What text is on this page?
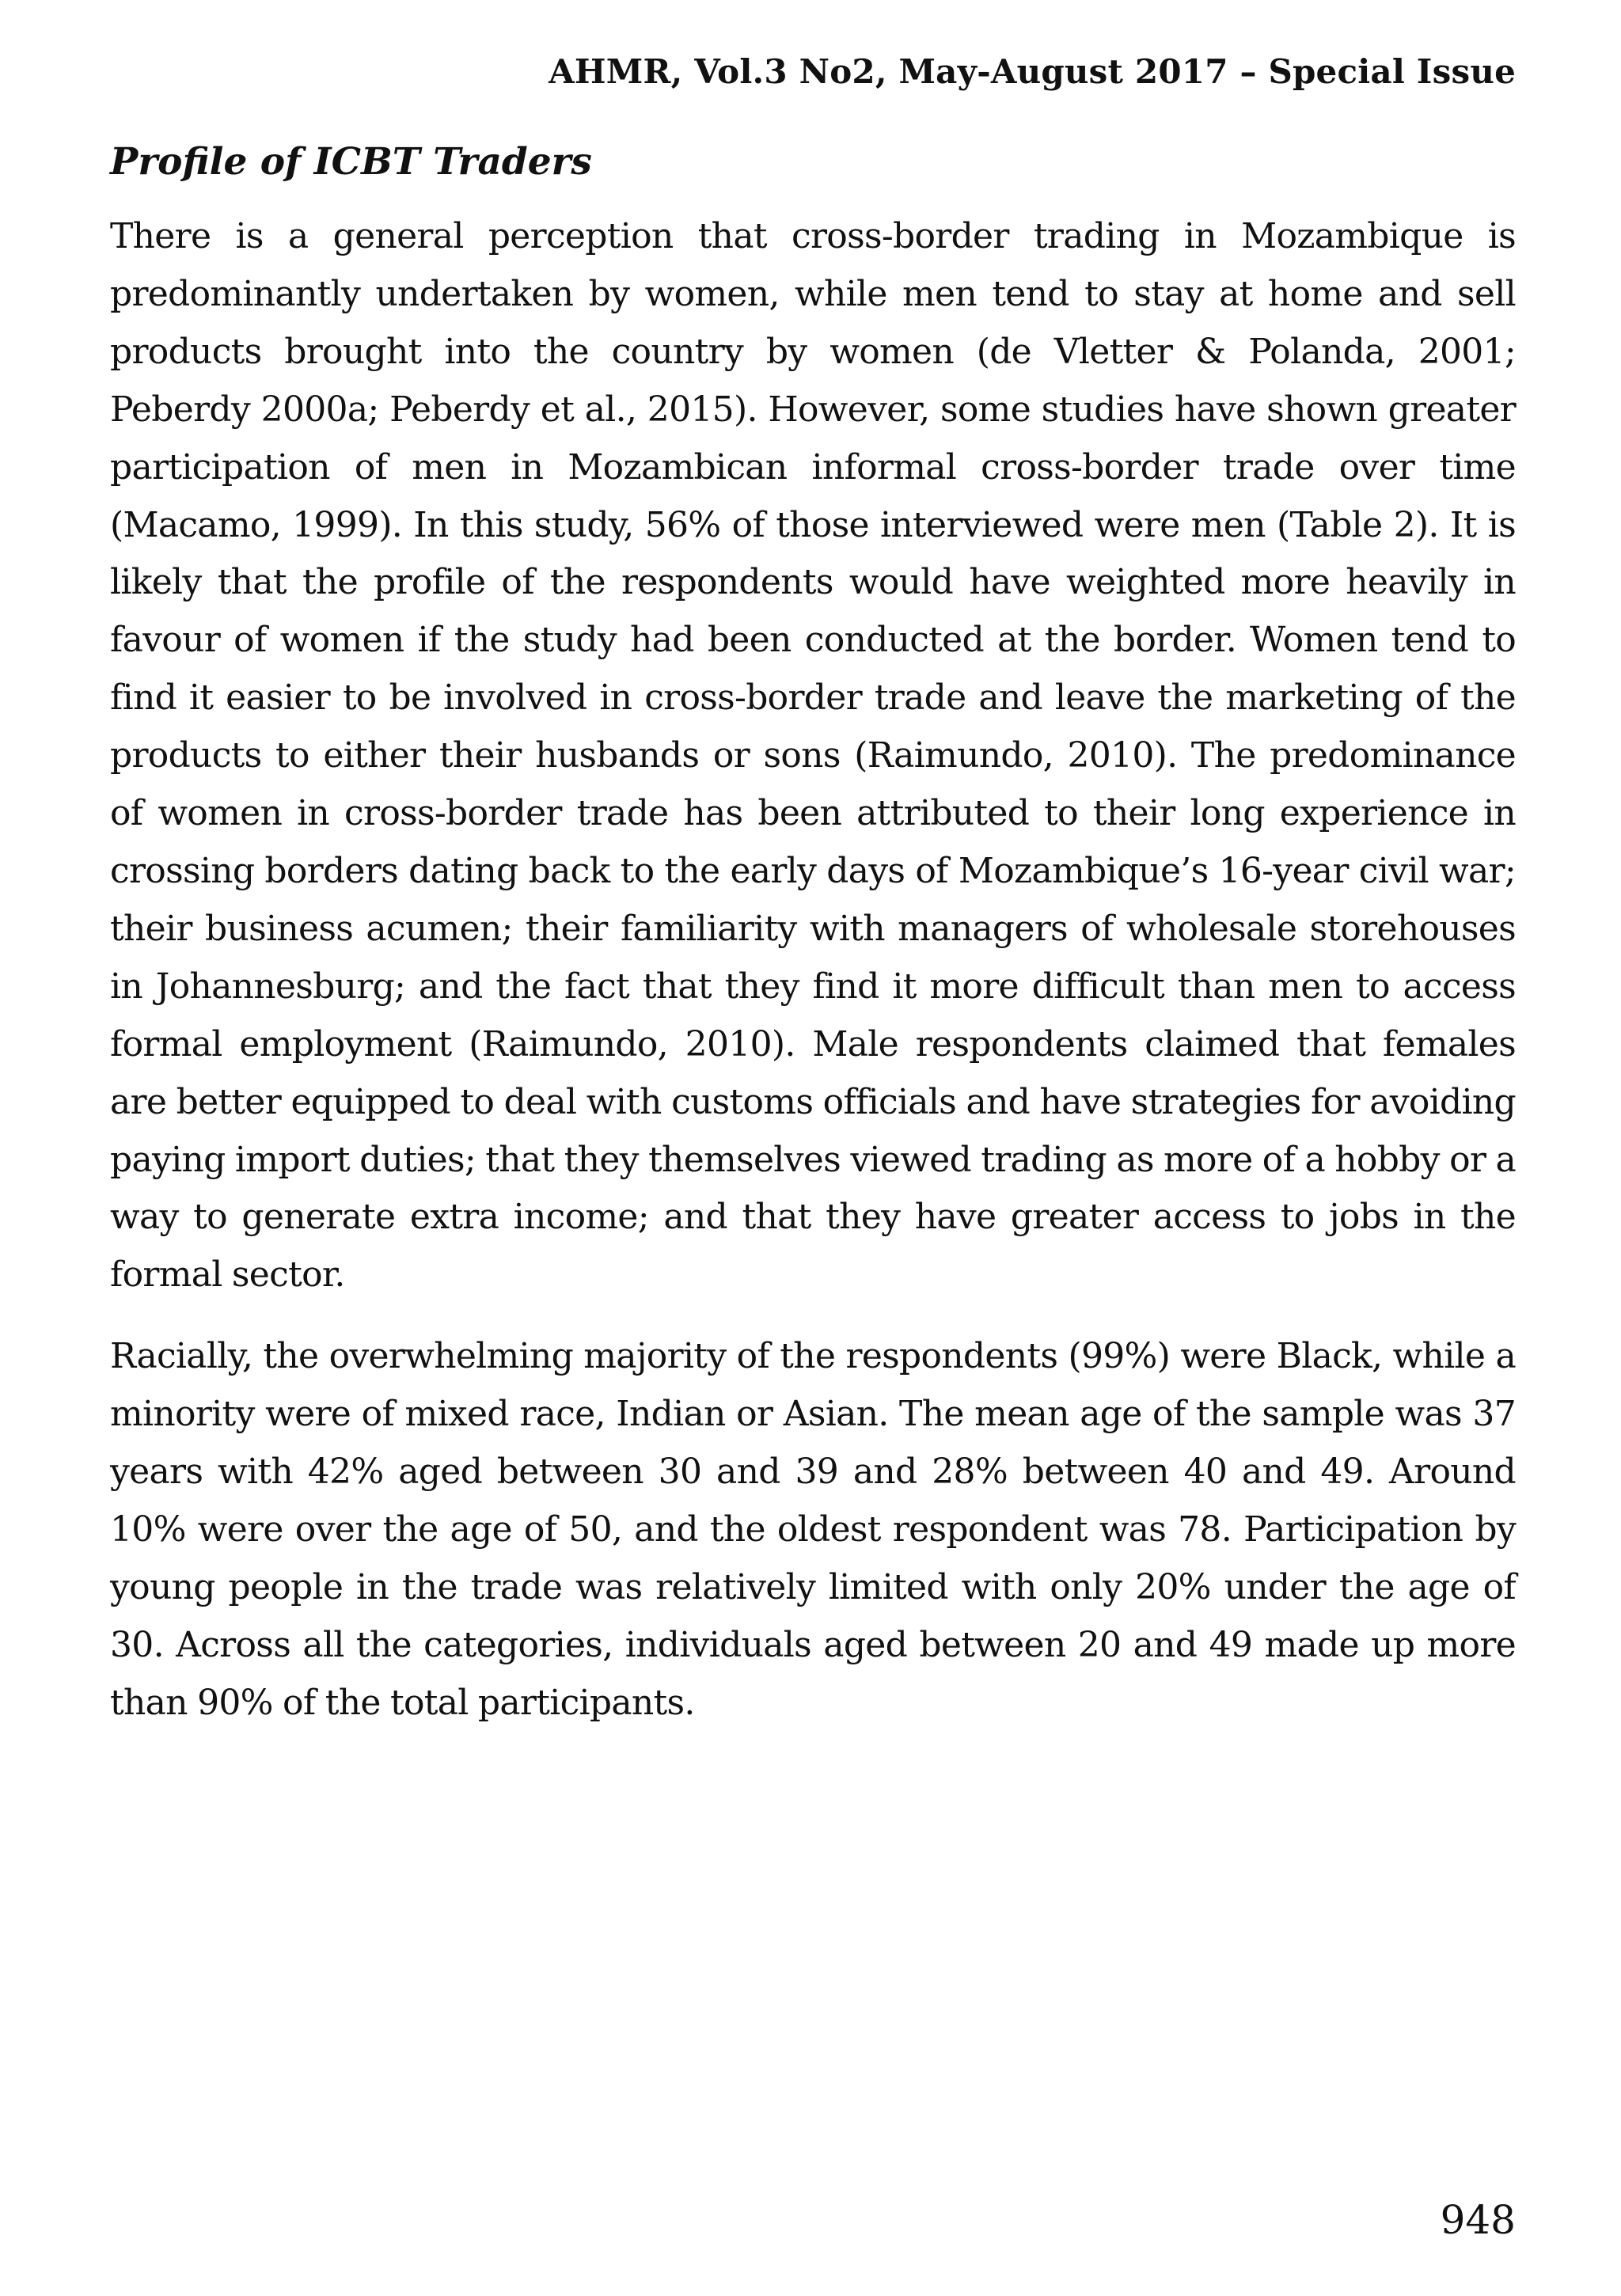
AHMR, Vol.3 No2, May-August 2017 – Special Issue
Profile of ICBT Traders

There is a general perception that cross-border trading in Mozambique is predominantly undertaken by women, while men tend to stay at home and sell products brought into the country by women (de Vletter & Polanda, 2001; Peberdy 2000a; Peberdy et al., 2015). However, some studies have shown greater participation of men in Mozambican informal cross-border trade over time (Macamo, 1999). In this study, 56% of those interviewed were men (Table 2). It is likely that the profile of the respondents would have weighted more heavily in favour of women if the study had been conducted at the border. Women tend to find it easier to be involved in cross-border trade and leave the marketing of the products to either their husbands or sons (Raimundo, 2010). The predominance of women in cross-border trade has been attributed to their long experience in crossing borders dating back to the early days of Mozambique’s 16-year civil war; their business acumen; their familiarity with managers of wholesale storehouses in Johannesburg; and the fact that they find it more difficult than men to access formal employment (Raimundo, 2010). Male respondents claimed that females are better equipped to deal with customs officials and have strategies for avoiding paying import duties; that they themselves viewed trading as more of a hobby or a way to generate extra income; and that they have greater access to jobs in the formal sector.

Racially, the overwhelming majority of the respondents (99%) were Black, while a minority were of mixed race, Indian or Asian. The mean age of the sample was 37 years with 42% aged between 30 and 39 and 28% between 40 and 49. Around 10% were over the age of 50, and the oldest respondent was 78. Participation by young people in the trade was relatively limited with only 20% under the age of 30. Across all the categories, individuals aged between 20 and 49 made up more than 90% of the total participants.

948
